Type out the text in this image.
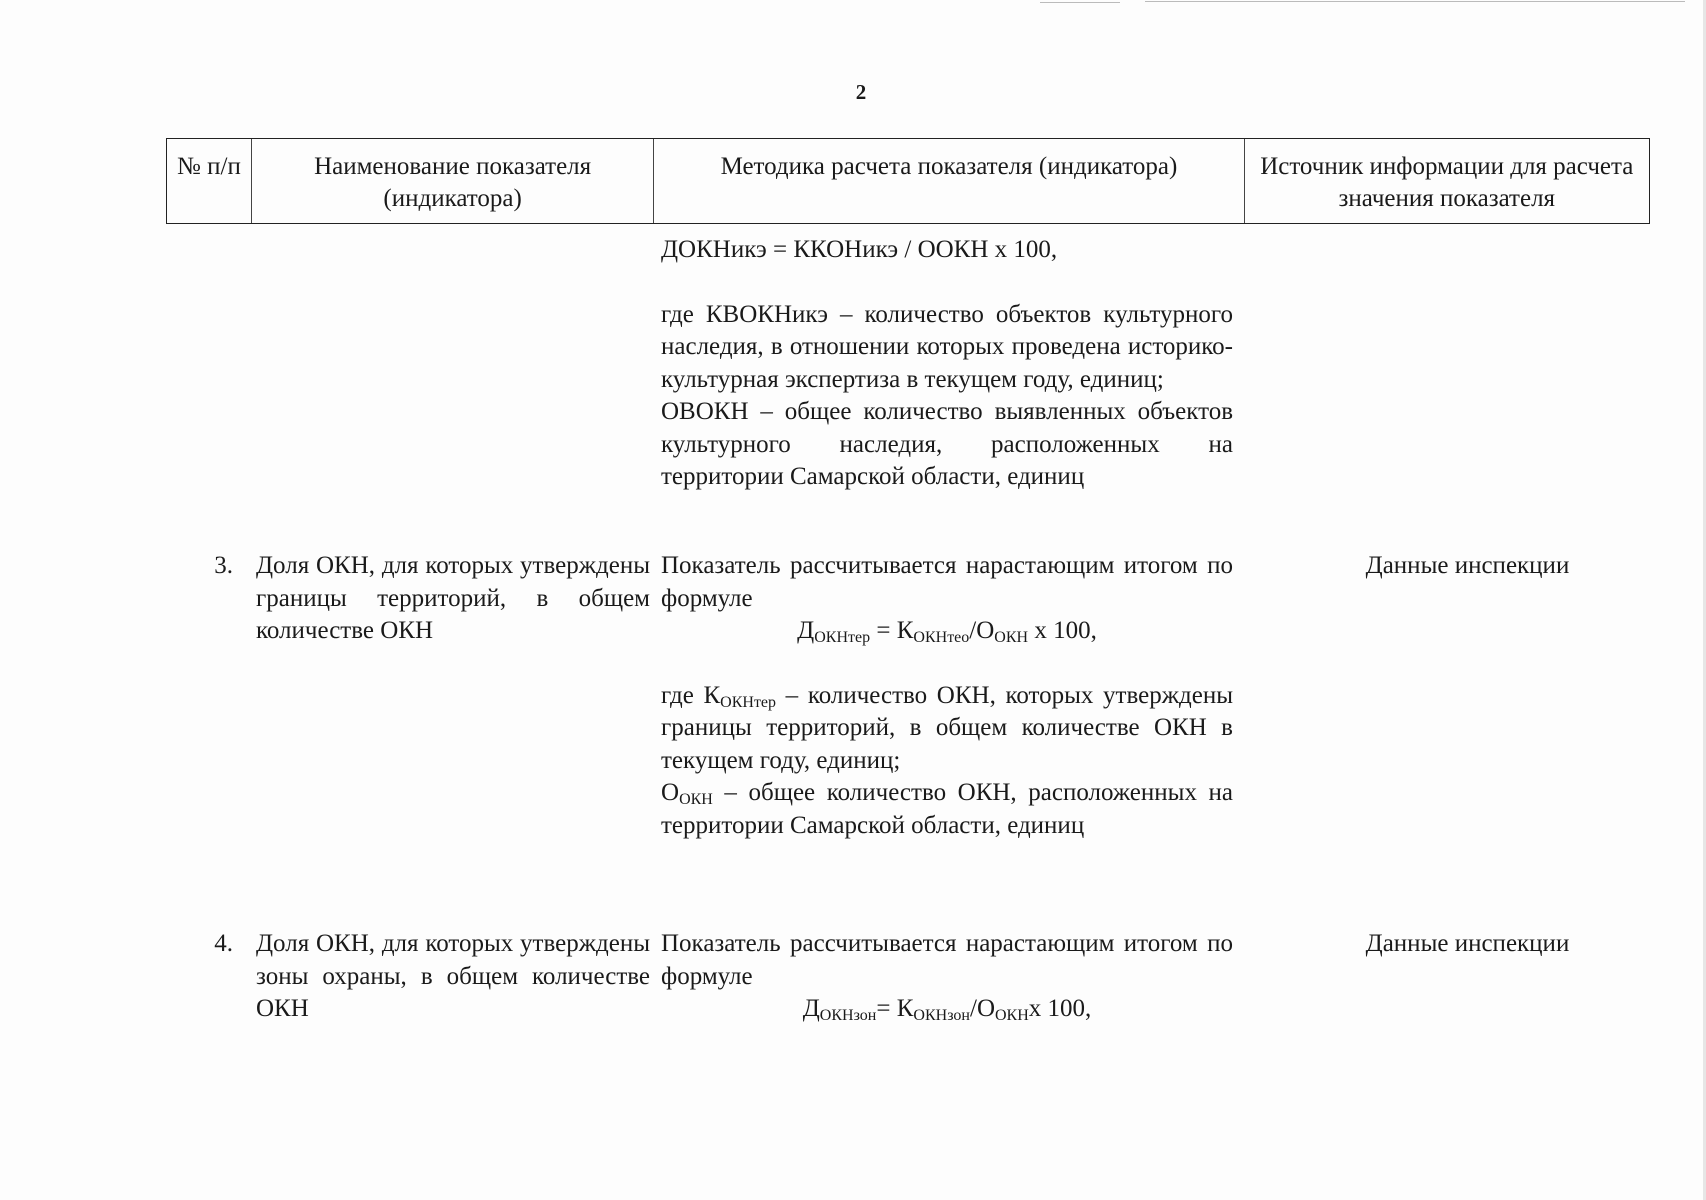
2
№ п/п	Наименование показателя (индикатора)
Методика расчета показателя (индикатора)	Источник информации для расчета значения показателя

ДОКНикэ = ККОНикэ / ООКН х 100,

где КВОКНикэ – количество объектов культурного наследия, в отношении которых проведена историко-культурная экспертиза в текущем году, единиц;

ОВОКН – общее количество выявленных объектов культурного наследия, расположенных на территории Самарской области, единиц

3. Доля ОКН, для которых утверждены границы территорий, в общем количестве ОКН

Показатель рассчитывается нарастающим итогом по формуле

$Д_{ОКНтер} = К_{ОКНтео}/О_{ОКН}$ х 100,

где $К_{ОКНтер}$ – количество ОКН, которых утверждены границы территорий, в общем количестве ОКН в текущем году, единиц;

$О_{ОКН}$ – общее количество ОКН, расположенных на территории Самарской области, единиц

Данные инспекции
4. Доля ОКН, для которых утверждены зоны охраны, в общем количестве ОКН

Показатель рассчитывается нарастающим итогом по формуле

$Д_{ОКНзон}= К_{ОКНзон}/О_{ОКН}х$ 100,

Данные инспекции
